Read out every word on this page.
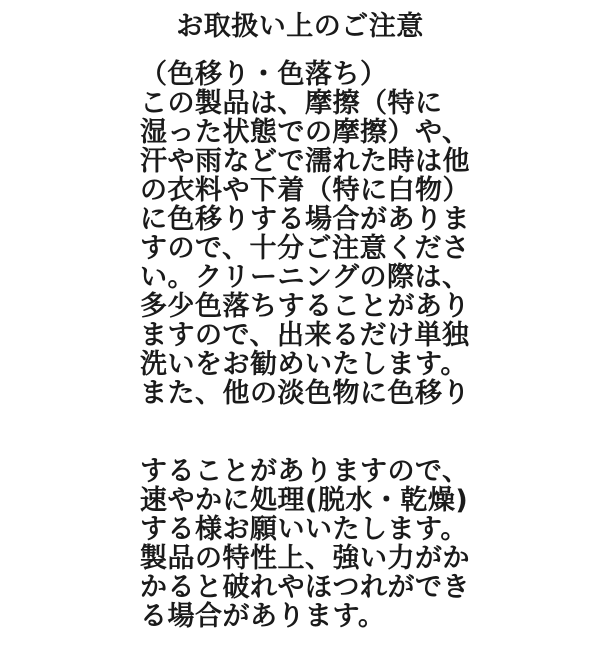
お取扱い上のご注意
（色移り・色落ち）
この製品は、摩擦（特に
湿った状態での摩擦）や、
汗や雨などで濡れた時は他
の衣料や下着（特に白物）
に色移りする場合がありま
すので、十分ご注意くださ
い。クリーニングの際は、
多少色落ちすることがあり
ますので、出来るだけ単独
洗いをお勧めいたします。
また、他の淡色物に色移り
することがありますので、
速やかに処理(脱水・乾燥)
する様お願いいたします。
製品の特性上、強い力がか
かると破れやほつれができ
る場合があります。
